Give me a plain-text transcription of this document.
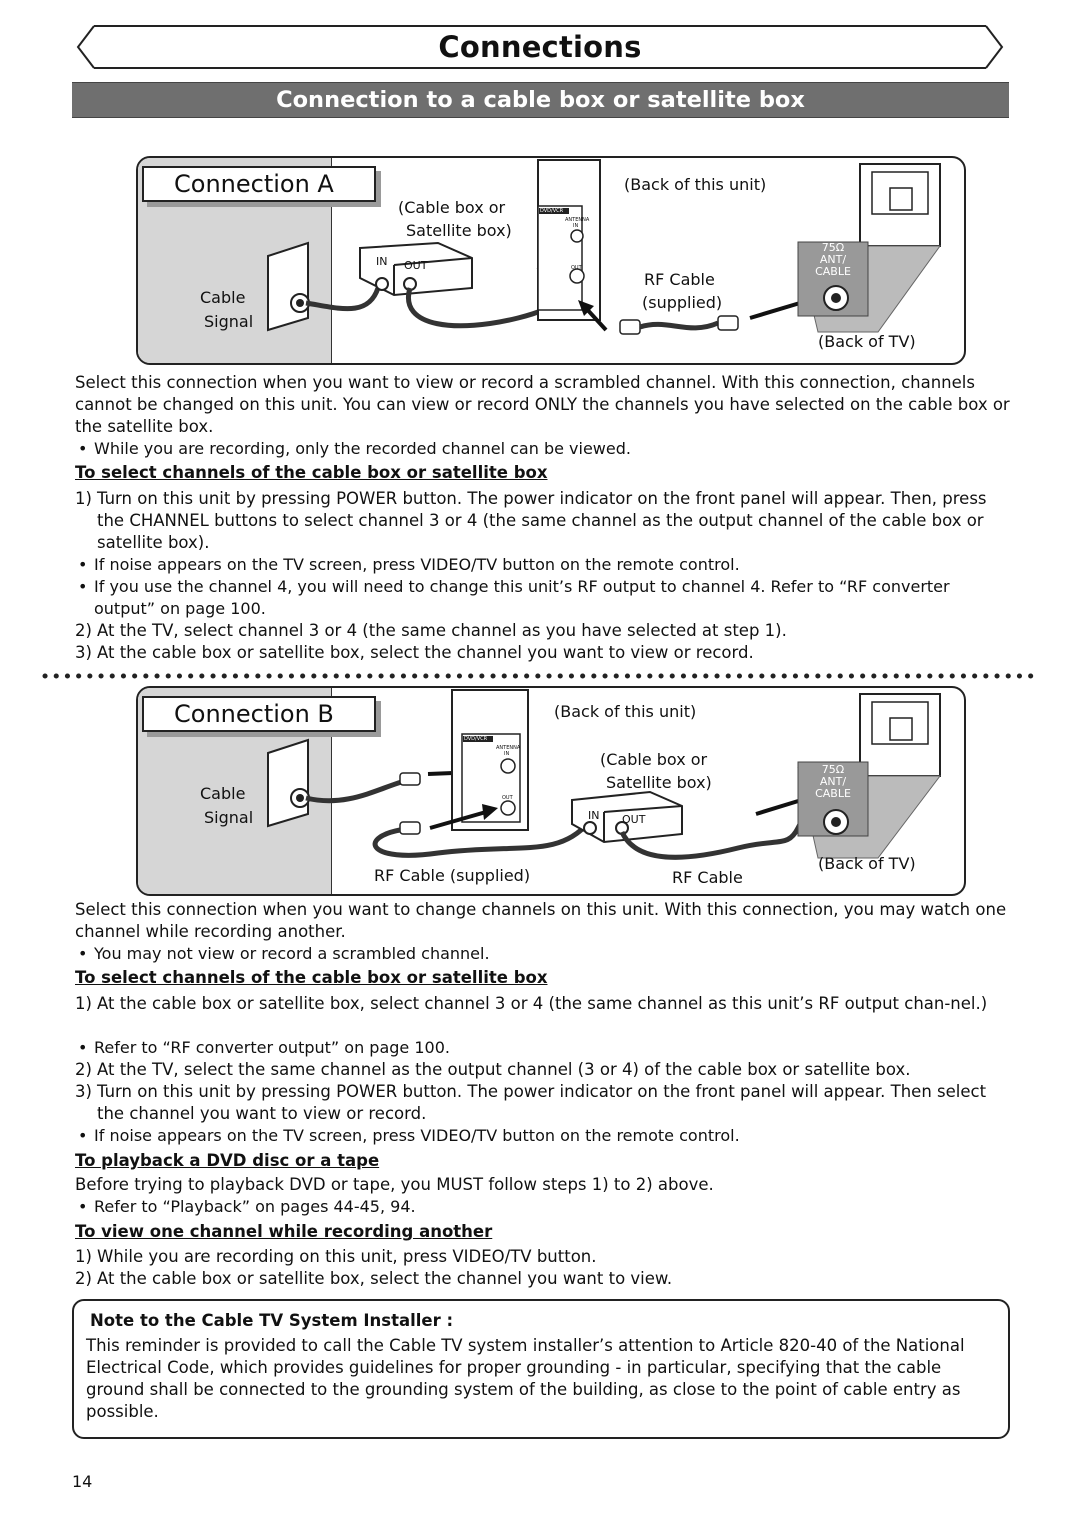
Connections
Connection to a cable box or satellite box
Connection A
Cable
Signal
(Cable box or
Satellite box)
IN OUT
DVD/VCR
ANTENNA
IN
OUT
(Back of this unit)
RF Cable
(supplied)
(Back of TV)
75Ω
ANT/
CABLE
Select this connection when you want to view or record a scrambled channel. With this connection, channels cannot be changed on this unit. You can view or record ONLY the channels you have selected on the cable box or the satellite box.
• While you are recording, only the recorded channel can be viewed.
To select channels of the cable box or satellite box
1) Turn on this unit by pressing POWER button. The power indicator on the front panel will appear. Then, press the CHANNEL buttons to select channel 3 or 4 (the same channel as the output channel of the cable box or satellite box).
• If noise appears on the TV screen, press VIDEO/TV button on the remote control.
• If you use the channel 4, you will need to change this unit’s RF output to channel 4. Refer to “RF converter output” on page 100.
2) At the TV, select channel 3 or 4 (the same channel as you have selected at step 1).
3) At the cable box or satellite box, select the channel you want to view or record.
Connection B
Cable
Signal
(Back of this unit)
DVD/VCR
ANTENNA
IN
OUT
(Cable box or
Satellite box)
IN OUT
RF Cable (supplied)	RF Cable
(Back of TV)
75Ω
ANT/
CABLE
Select this connection when you want to change channels on this unit. With this connection, you may watch one channel while recording another.
• You may not view or record a scrambled channel.
To select channels of the cable box or satellite box
1) At the cable box or satellite box, select channel 3 or 4 (the same channel as this unit’s RF output chan-nel.)
• Refer to “RF converter output” on page 100.
2) At the TV, select the same channel as the output channel (3 or 4) of the cable box or satellite box.
3) Turn on this unit by pressing POWER button. The power indicator on the front panel will appear. Then select the channel you want to view or record.
• If noise appears on the TV screen, press VIDEO/TV button on the remote control.
To playback a DVD disc or a tape
Before trying to playback DVD or tape, you MUST follow steps 1) to 2) above.
• Refer to “Playback” on pages 44-45, 94.
To view one channel while recording another
1) While you are recording on this unit, press VIDEO/TV button.
2) At the cable box or satellite box, select the channel you want to view.
Note to the Cable TV System Installer :
This reminder is provided to call the Cable TV system installer’s attention to Article 820-40 of the National Electrical Code, which provides guidelines for proper grounding - in particular, specifying that the cable ground shall be connected to the grounding system of the building, as close to the point of cable entry as possible.
14
